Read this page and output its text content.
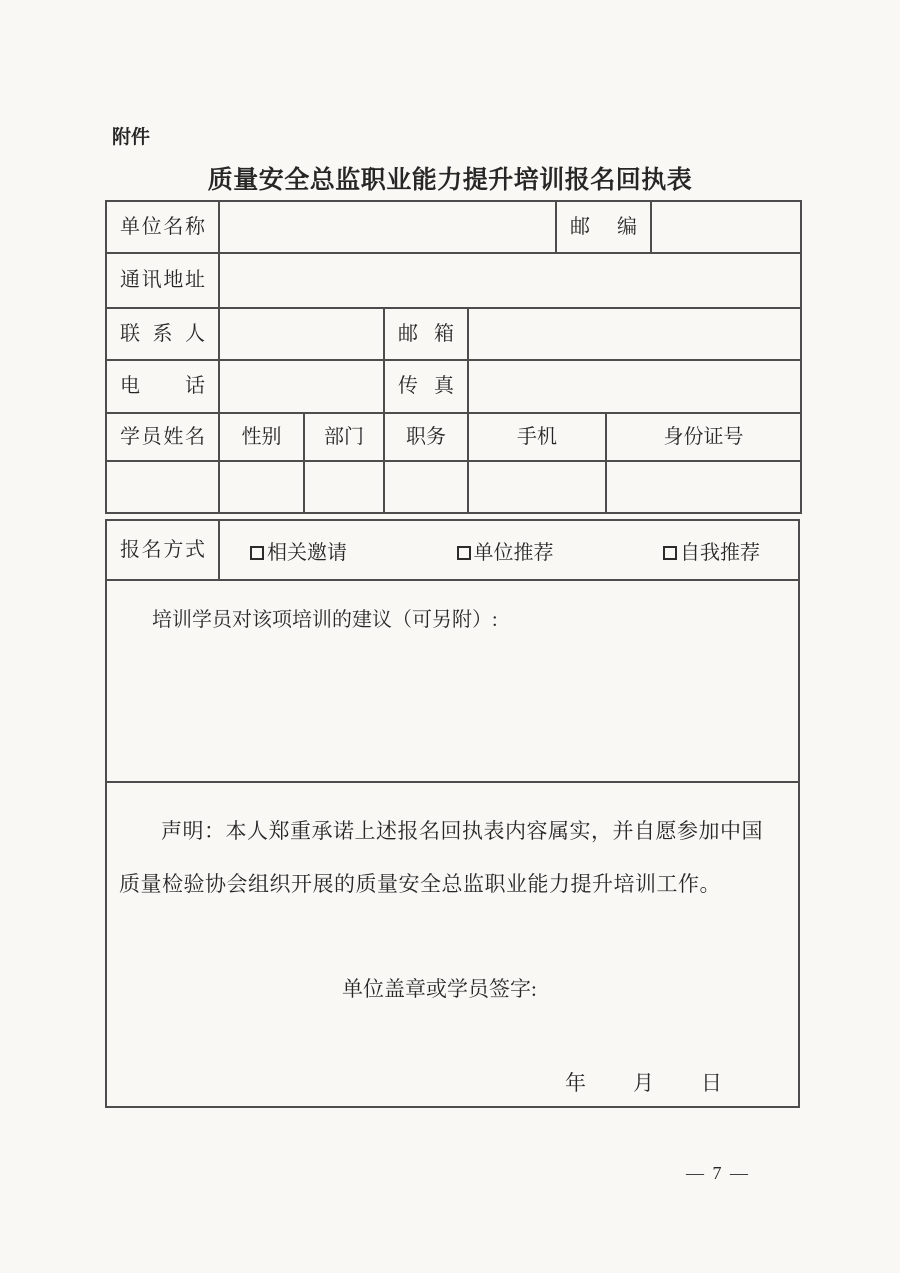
附件
质量安全总监职业能力提升培训报名回执表
单位名称	邮编
通讯地址
联系人	邮箱
电话	传真
学员姓名	性别	部门	职务	手机	身份证号
报名方式	相关邀请	单位推荐	自我推荐
培训学员对该项培训的建议（可另附）:

声明：本人郑重承诺上述报名回执表内容属实，并自愿参加中国质量检验协会组织开展的质量安全总监职业能力提升培训工作。

单位盖章或学员签字:
年 月 日
— 7 —
